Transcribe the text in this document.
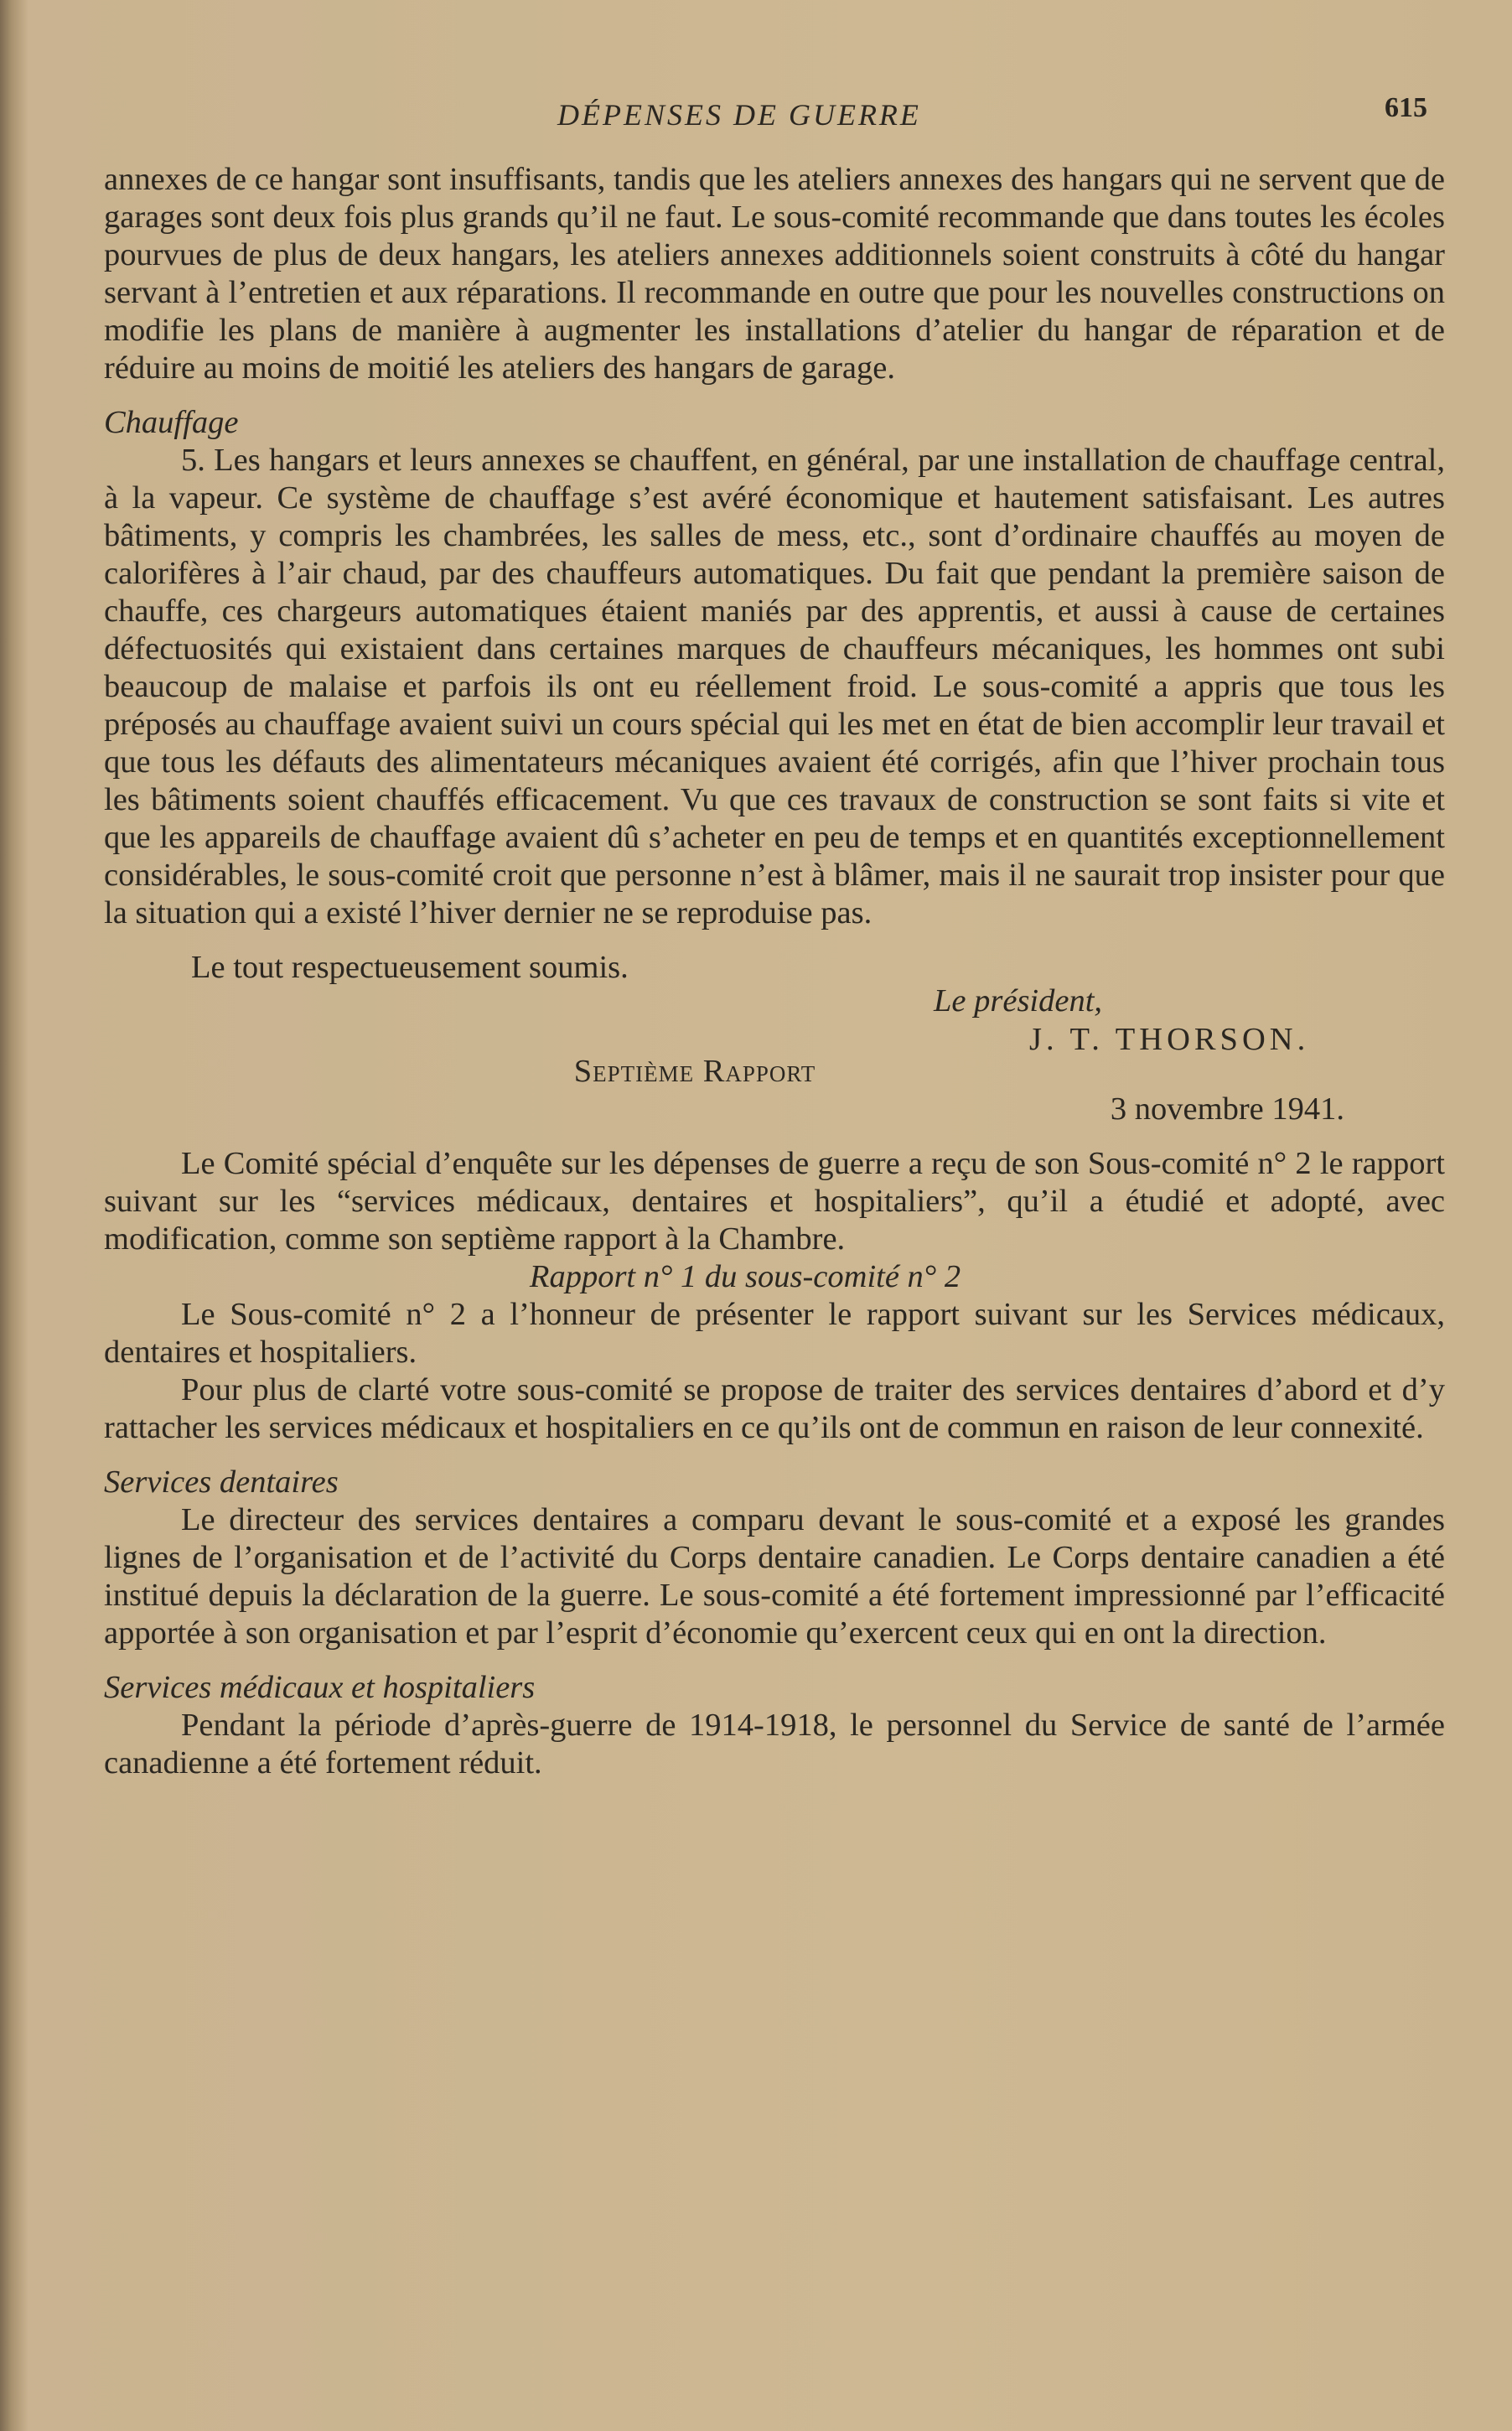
DÉPENSES DE GUERRE	615

annexes de ce hangar sont insuffisants, tandis que les ateliers annexes des hangars qui ne servent que de garages sont deux fois plus grands qu’il ne faut. Le sous-comité recommande que dans toutes les écoles pourvues de plus de deux hangars, les ateliers annexes additionnels soient construits à côté du hangar servant à l’entretien et aux réparations. Il recommande en outre que pour les nouvelles constructions on modifie les plans de manière à augmenter les installations d’atelier du hangar de réparation et de réduire au moins de moitié les ateliers des hangars de garage.

Chauffage

5. Les hangars et leurs annexes se chauffent, en général, par une installation de chauffage central, à la vapeur. Ce système de chauffage s’est avéré économique et hautement satisfaisant. Les autres bâtiments, y compris les chambrées, les salles de mess, etc., sont d’ordinaire chauffés au moyen de calorifères à l’air chaud, par des chauffeurs automatiques. Du fait que pendant la première saison de chauffe, ces chargeurs automatiques étaient maniés par des apprentis, et aussi à cause de certaines défectuosités qui existaient dans certaines marques de chauffeurs mécaniques, les hommes ont subi beaucoup de malaise et parfois ils ont eu réellement froid. Le sous-comité a appris que tous les préposés au chauffage avaient suivi un cours spécial qui les met en état de bien accomplir leur travail et que tous les défauts des alimentateurs mécaniques avaient été corrigés, afin que l’hiver prochain tous les bâtiments soient chauffés efficacement. Vu que ces travaux de construction se sont faits si vite et que les appareils de chauffage avaient dû s’acheter en peu de temps et en quantités exceptionnellement considérables, le sous-comité croit que personne n’est à blâmer, mais il ne saurait trop insister pour que la situation qui a existé l’hiver dernier ne se reproduise pas.

Le tout respectueusement soumis.
Le président,
J. T. THORSON.

Septième Rapport

3 novembre 1941.

Le Comité spécial d’enquête sur les dépenses de guerre a reçu de son Sous-comité n° 2 le rapport suivant sur les “services médicaux, dentaires et hospitaliers”, qu’il a étudié et adopté, avec modification, comme son septième rapport à la Chambre.

Rapport n° 1 du sous-comité n° 2

Le Sous-comité n° 2 a l’honneur de présenter le rapport suivant sur les Services médicaux, dentaires et hospitaliers.

Pour plus de clarté votre sous-comité se propose de traiter des services dentaires d’abord et d’y rattacher les services médicaux et hospitaliers en ce qu’ils ont de commun en raison de leur connexité.

Services dentaires

Le directeur des services dentaires a comparu devant le sous-comité et a exposé les grandes lignes de l’organisation et de l’activité du Corps dentaire canadien. Le Corps dentaire canadien a été institué depuis la déclaration de la guerre. Le sous-comité a été fortement impressionné par l’efficacité apportée à son organisation et par l’esprit d’économie qu’exercent ceux qui en ont la direction.

Services médicaux et hospitaliers

Pendant la période d’après-guerre de 1914-1918, le personnel du Service de santé de l’armée canadienne a été fortement réduit.
